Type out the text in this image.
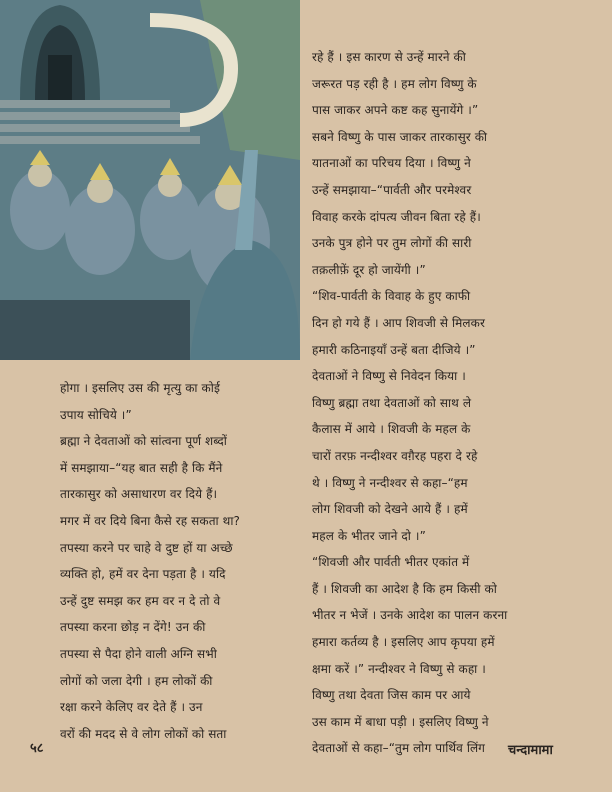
रहे हैं । इस कारण से उन्हें मारने की

जरूरत पड़ रही है । हम लोग विष्णु के

पास जाकर अपने कष्ट कह सुनायेंगे ।”

सबने विष्णु के पास जाकर तारकासुर की

यातनाओं का परिचय दिया । विष्णु ने

उन्हें समझाया–“पार्वती और परमेश्वर

विवाह करके दांपत्य जीवन बिता रहे हैं।

उनके पुत्र होने पर तुम लोगों की सारी

तक़लीफ़ें दूर हो जायेंगी ।”

“शिव-पार्वती के विवाह के हुए काफी

दिन हो गये हैं । आप शिवजी से मिलकर

हमारी कठिनाइयाँ उन्हें बता दीजिये ।”

देवताओं ने विष्णु से निवेदन किया ।

विष्णु ब्रह्मा तथा देवताओं को साथ ले

कैलास में आये । शिवजी के महल के

चारों तरफ़ नन्दीश्वर वग़ैरह पहरा दे रहे

थे । विष्णु ने नन्दीश्वर से कहा–“हम

लोग शिवजी को देखने आये हैं । हमें

महल के भीतर जाने दो ।”

“शिवजी और पार्वती भीतर एकांत में

हैं । शिवजी का आदेश है कि हम किसी को

भीतर न भेजें । उनके आदेश का पालन करना

हमारा कर्तव्य है । इसलिए आप कृपया हमें

क्षमा करें ।” नन्दीश्वर ने विष्णु से कहा ।

विष्णु तथा देवता जिस काम पर आये

उस काम में बाधा पड़ी । इसलिए विष्णु ने

देवताओं से कहा–“तुम लोग पार्थिव लिंग

होगा । इसलिए उस की मृत्यु का कोई

उपाय सोचिये ।”

ब्रह्मा ने देवताओं को सांत्वना पूर्ण शब्दों

में समझाया–“यह बात सही है कि मैंने

तारकासुर को असाधारण वर दिये हैं।

मगर में वर दिये बिना कैसे रह सकता था?

तपस्या करने पर चाहे वे दुष्ट हों या अच्छे

व्यक्ति हो, हमें वर देना पड़ता है । यदि

उन्हें दुष्ट समझ कर हम वर न दे तो वे

तपस्या करना छोड़ न देंगे! उन की

तपस्या से पैदा होने वाली अग्नि सभी

लोगों को जला देगी । हम लोकों की

रक्षा करने केलिए वर देते हैं । उन

वरों की मदद से वे लोग लोकों को सता

५८	चन्दामामा
